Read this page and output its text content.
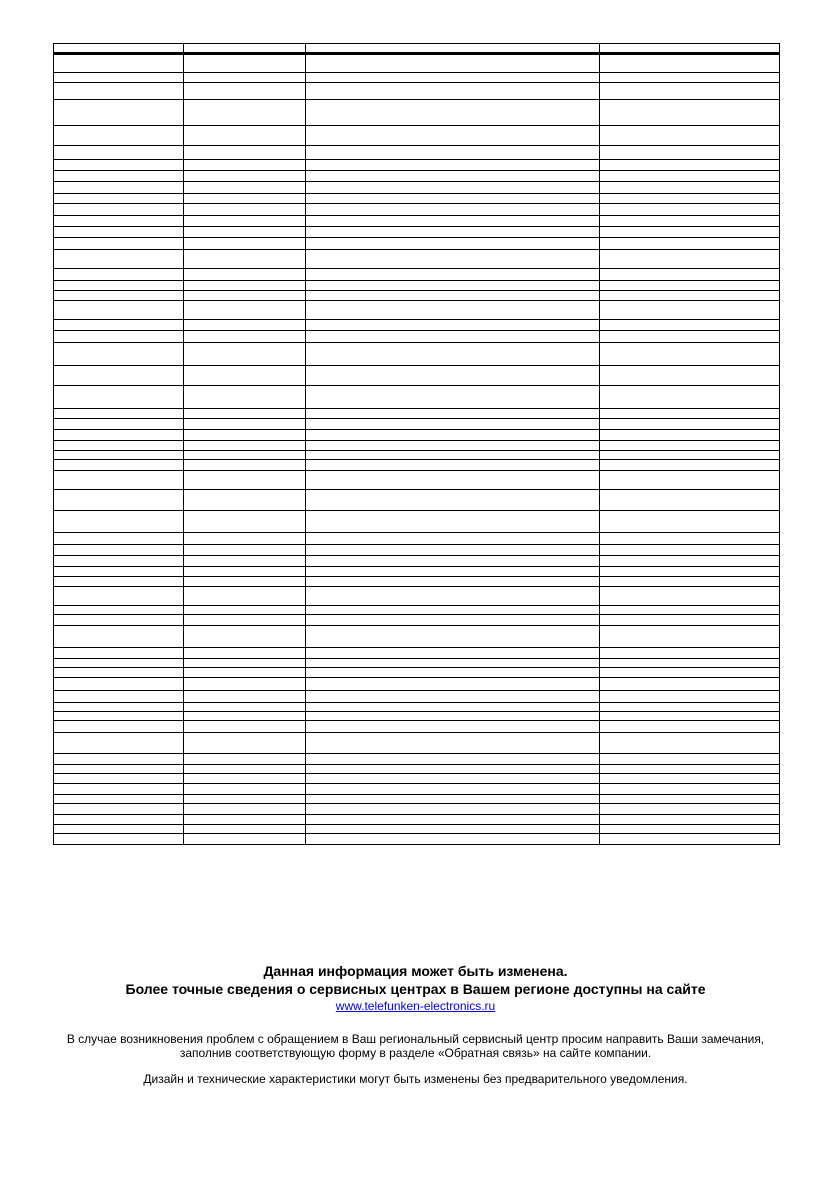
Данная информация может быть изменена.
Более точные сведения о сервисных центрах в Вашем регионе доступны на сайте
www.telefunken-electronics.ru
В случае возникновения проблем с обращением в Ваш региональный сервисный центр просим направить Ваши замечания,
заполнив соответствующую форму в разделе «Обратная связь» на сайте компании.
Дизайн и технические характеристики могут быть изменены без предварительного уведомления.
